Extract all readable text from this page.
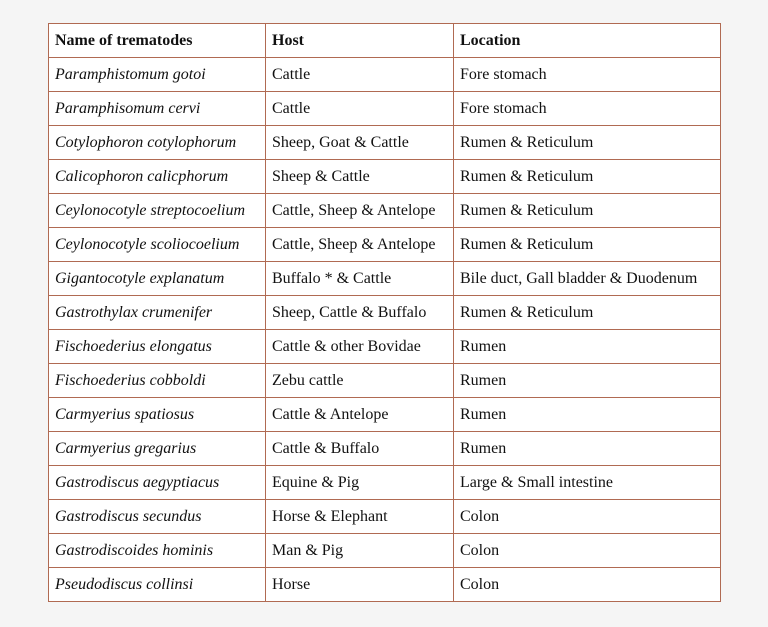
Name of trematodes	Host	Location
Paramphistomum gotoi	Cattle	Fore stomach
Paramphisomum cervi	Cattle	Fore stomach
Cotylophoron cotylophorum	Sheep, Goat & Cattle	Rumen & Reticulum
Calicophoron calicphorum	Sheep & Cattle	Rumen & Reticulum
Ceylonocotyle streptocoelium	Cattle, Sheep & Antelope	Rumen & Reticulum
Ceylonocotyle scoliocoelium	Cattle, Sheep & Antelope	Rumen & Reticulum
Gigantocotyle explanatum	Buffalo * & Cattle	Bile duct, Gall bladder & Duodenum
Gastrothylax crumenifer	Sheep, Cattle & Buffalo	Rumen & Reticulum
Fischoederius elongatus	Cattle & other Bovidae	Rumen
Fischoederius cobboldi	Zebu cattle	Rumen
Carmyerius spatiosus	Cattle & Antelope	Rumen
Carmyerius gregarius	Cattle & Buffalo	Rumen
Gastrodiscus aegyptiacus	Equine & Pig	Large & Small intestine
Gastrodiscus secundus	Horse & Elephant	Colon
Gastrodiscoides hominis	Man & Pig	Colon
Pseudodiscus collinsi	Horse	Colon
